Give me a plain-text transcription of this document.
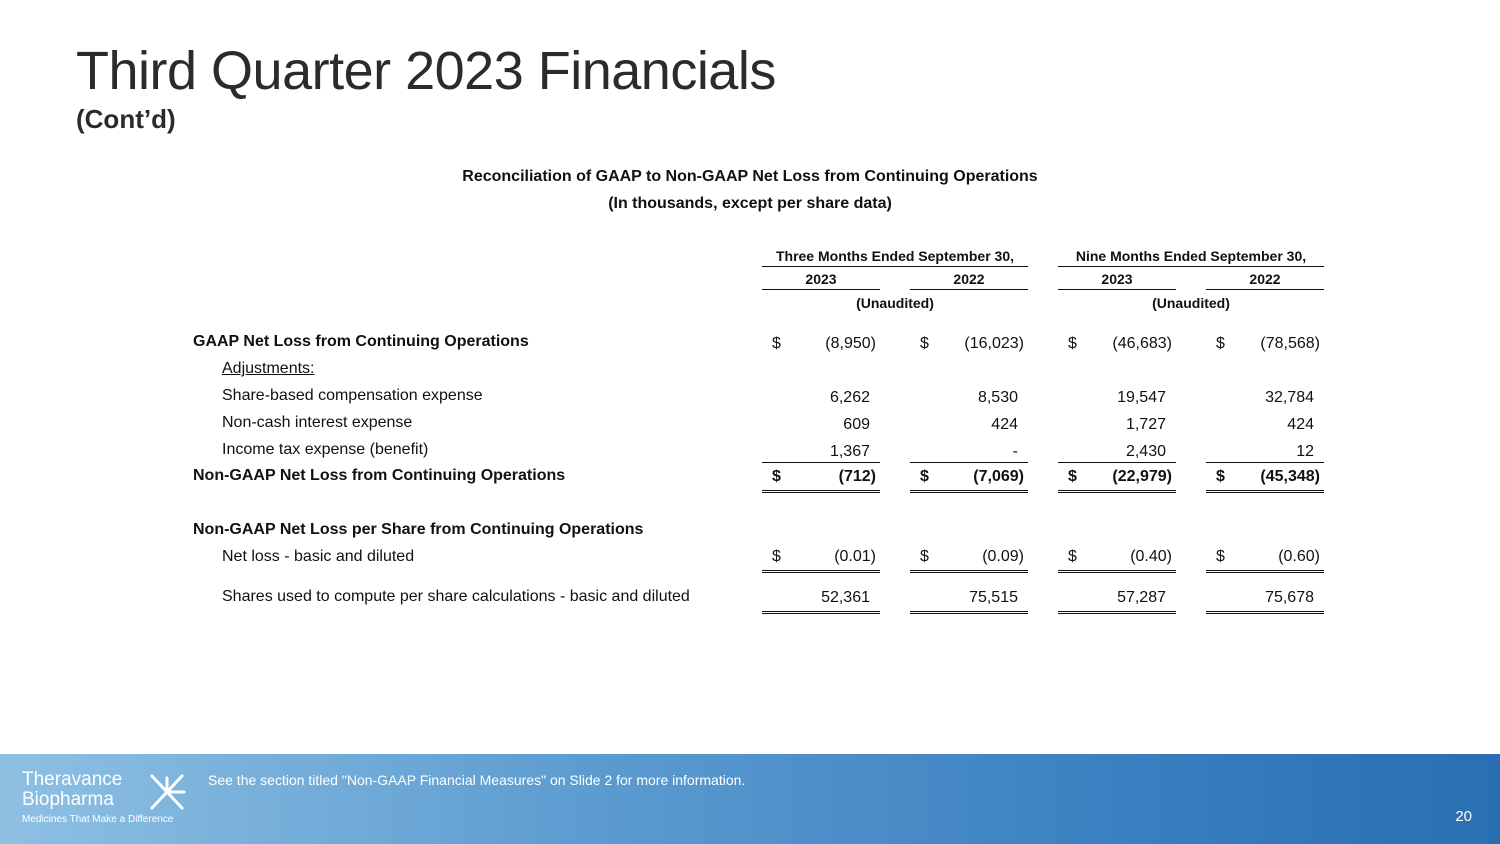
Third Quarter 2023 Financials
(Cont’d)
Reconciliation of GAAP to Non-GAAP Net Loss from Continuing Operations
(In thousands, except per share data)
Three Months Ended September 30,	Nine Months Ended September 30,
2023	2022	2023	2022
(Unaudited)	(Unaudited)
GAAP Net Loss from Continuing Operations	$	(8,950)	$ (16,023)	$ (46,683)	$ (78,568)
Adjustments:
Share-based compensation expense	6,262	8,530	19,547	32,784
Non-cash interest expense	609	424	1,727	424
Income tax expense (benefit)	1,367	-	2,430	12
Non-GAAP Net Loss from Continuing Operations	$	(712)	$	(7,069)	$ (22,979)	$ (45,348)
Non-GAAP Net Loss per Share from Continuing Operations
Net loss - basic and diluted	$	(0.01)	$	(0.09)	$	(0.40)	$	(0.60)
Shares used to compute per share calculations - basic and diluted	52,361	75,515	57,287	75,678
Theravance
Biopharma
Medicines That Make a Difference
See the section titled "Non-GAAP Financial Measures" on Slide 2 for more information.
20
